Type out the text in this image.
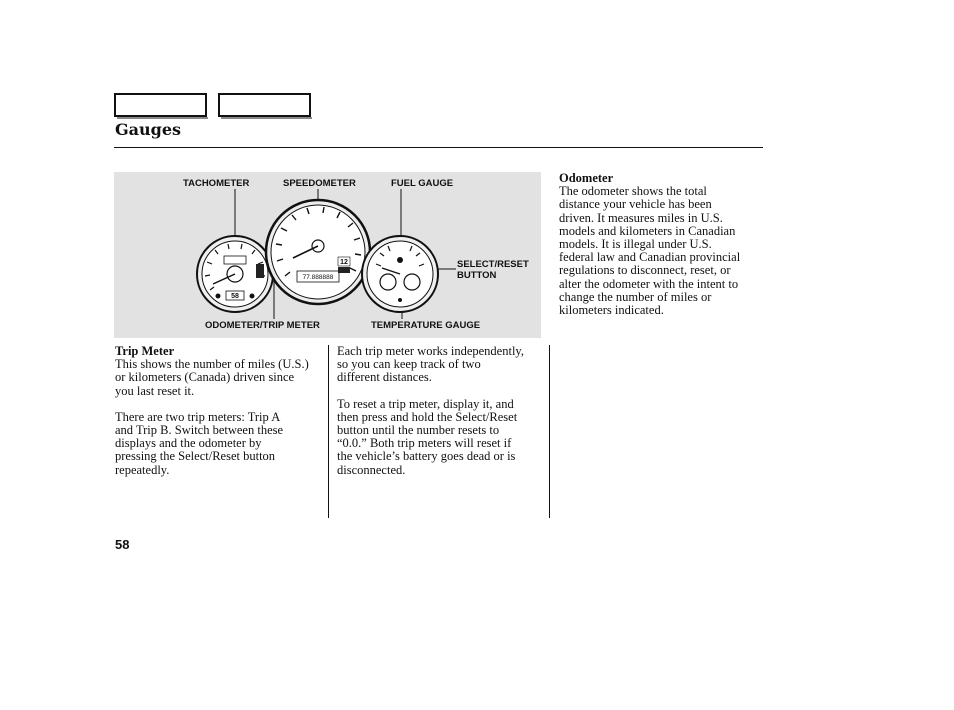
Gauges
58
77.888888
12
TACHOMETER	SPEEDOMETER	FUEL GAUGE
SELECT/RESET
BUTTON
ODOMETER/TRIP METER	TEMPERATURE GAUGE
Trip Meter

This shows the number of miles (U.S.)
or kilometers (Canada) driven since
you last reset it.

There are two trip meters: Trip A
and Trip B. Switch between these
displays and the odometer by
pressing the Select/Reset button
repeatedly.

Each trip meter works independently,
so you can keep track of two
different distances.

To reset a trip meter, display it, and
then press and hold the Select/Reset
button until the number resets to
“0.0.” Both trip meters will reset if
the vehicle’s battery goes dead or is
disconnected.

Odometer

The odometer shows the total
distance your vehicle has been
driven. It measures miles in U.S.
models and kilometers in Canadian
models. It is illegal under U.S.
federal law and Canadian provincial
regulations to disconnect, reset, or
alter the odometer with the intent to
change the number of miles or
kilometers indicated.

58
